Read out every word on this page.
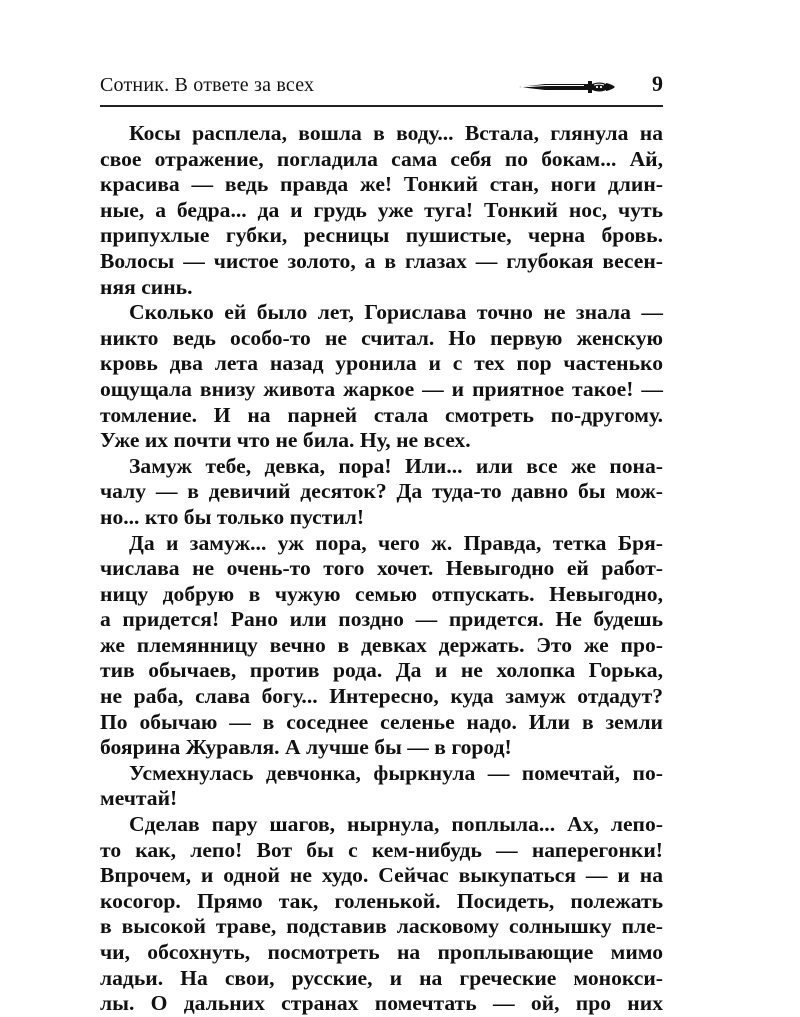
Сотник. В ответе за всех	9
Косы расплела, вошла в воду... Встала, глянула на
свое отражение, погладила сама себя по бокам... Ай,
красива — ведь правда же! Тонкий стан, ноги длин-
ные, а бедра... да и грудь уже туга! Тонкий нос, чуть
припухлые губки, ресницы пушистые, черна бровь.
Волосы — чистое золото, а в глазах — глубокая весен-
няя синь.
Сколько ей было лет, Горислава точно не знала —
никто ведь особо-то не считал. Но первую женскую
кровь два лета назад уронила и с тех пор частенько
ощущала внизу живота жаркое — и приятное такое! —
томление. И на парней стала смотреть по-другому.
Уже их почти что не била. Ну, не всех.
Замуж тебе, девка, пора! Или... или все же пона-
чалу — в девичий десяток? Да туда-то давно бы мож-
но... кто бы только пустил!
Да и замуж... уж пора, чего ж. Правда, тетка Бря-
числава не очень-то того хочет. Невыгодно ей работ-
ницу добрую в чужую семью отпускать. Невыгодно,
а придется! Рано или поздно — придется. Не будешь
же племянницу вечно в девках держать. Это же про-
тив обычаев, против рода. Да и не холопка Горька,
не раба, слава богу... Интересно, куда замуж отдадут?
По обычаю — в соседнее селенье надо. Или в земли
боярина Журавля. А лучше бы — в город!
Усмехнулась девчонка, фыркнула — помечтай, по-
мечтай!
Сделав пару шагов, нырнула, поплыла... Ах, лепо-
то как, лепо! Вот бы с кем-нибудь — наперегонки!
Впрочем, и одной не худо. Сейчас выкупаться — и на
косогор. Прямо так, голенькой. Посидеть, полежать
в высокой траве, подставив ласковому солнышку пле-
чи, обсохнуть, посмотреть на проплывающие мимо
ладьи. На свои, русские, и на греческие монокси-
лы. О дальних странах помечтать — ой, про них
